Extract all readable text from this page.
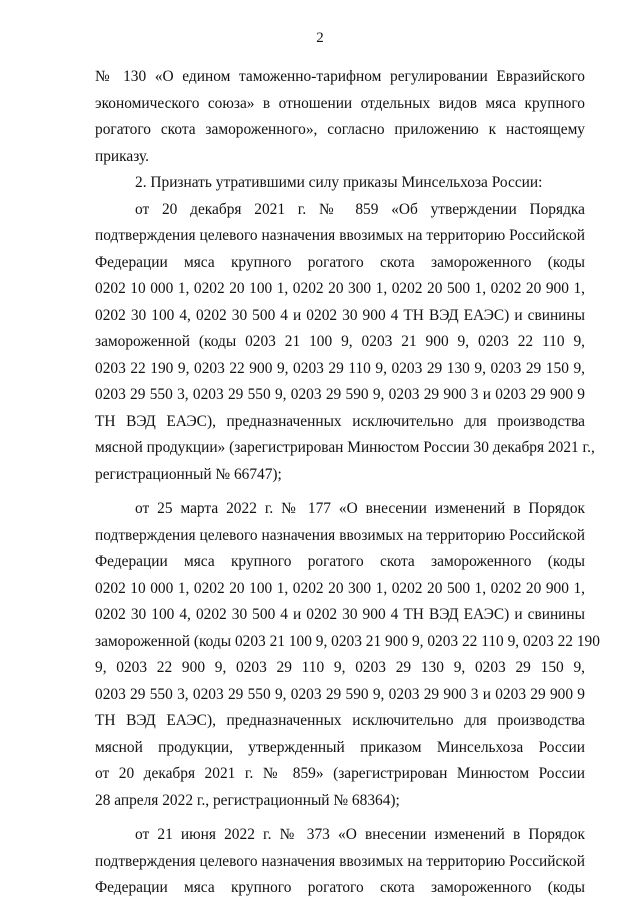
2
№ 130 «О едином таможенно-тарифном регулировании Евразийского
экономического союза» в отношении отдельных видов мяса крупного
рогатого скота замороженного», согласно приложению к настоящему
приказу.
2. Признать утратившими силу приказы Минсельхоза России:
от 20 декабря 2021 г. № 859 «Об утверждении Порядка
подтверждения целевого назначения ввозимых на территорию Российской
Федерации мяса крупного рогатого скота замороженного (коды
0202 10 000 1, 0202 20 100 1, 0202 20 300 1, 0202 20 500 1, 0202 20 900 1,
0202 30 100 4, 0202 30 500 4 и 0202 30 900 4 ТН ВЭД ЕАЭС) и свинины
замороженной (коды 0203 21 100 9, 0203 21 900 9, 0203 22 110 9,
0203 22 190 9, 0203 22 900 9, 0203 29 110 9, 0203 29 130 9, 0203 29 150 9,
0203 29 550 3, 0203 29 550 9, 0203 29 590 9, 0203 29 900 3 и 0203 29 900 9
ТН ВЭД ЕАЭС), предназначенных исключительно для производства
мясной продукции» (зарегистрирован Минюстом России 30 декабря 2021 г.,
регистрационный № 66747);
от 25 марта 2022 г. № 177 «О внесении изменений в Порядок
подтверждения целевого назначения ввозимых на территорию Российской
Федерации мяса крупного рогатого скота замороженного (коды
0202 10 000 1, 0202 20 100 1, 0202 20 300 1, 0202 20 500 1, 0202 20 900 1,
0202 30 100 4, 0202 30 500 4 и 0202 30 900 4 ТН ВЭД ЕАЭС) и свинины
замороженной (коды 0203 21 100 9, 0203 21 900 9, 0203 22 110 9, 0203 22 190
9, 0203 22 900 9, 0203 29 110 9, 0203 29 130 9, 0203 29 150 9,
0203 29 550 3, 0203 29 550 9, 0203 29 590 9, 0203 29 900 3 и 0203 29 900 9
ТН ВЭД ЕАЭС), предназначенных исключительно для производства
мясной продукции, утвержденный приказом Минсельхоза России
от 20 декабря 2021 г. № 859» (зарегистрирован Минюстом России
28 апреля 2022 г., регистрационный № 68364);
от 21 июня 2022 г. № 373 «О внесении изменений в Порядок
подтверждения целевого назначения ввозимых на территорию Российской
Федерации мяса крупного рогатого скота замороженного (коды
